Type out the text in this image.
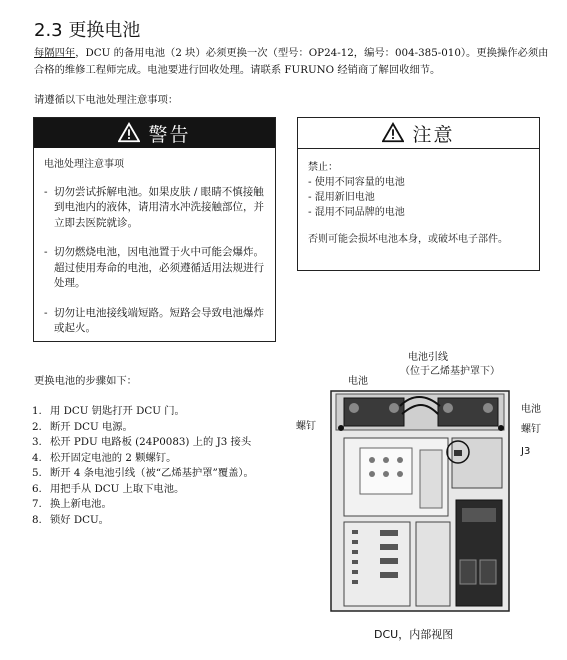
2.3 更换电池
每隔四年，DCU 的备用电池（2 块）必须更换一次（型号：OP24-12，编号：004-385-010）。更换操作必须由合格的维修工程师完成。电池要进行回收处理。请联系 FURUNO 经销商了解回收细节。
请遵循以下电池处理注意事项：
警告
电池处理注意事项
- 切勿尝试拆解电池。如果皮肤 / 眼睛不慎接触到电池内的液体，请用清水冲洗接触部位，并立即去医院就诊。
- 切勿燃烧电池，因电池置于火中可能会爆炸。超过使用寿命的电池，必须遵循适用法规进行处理。
- 切勿让电池接线端短路。短路会导致电池爆炸或起火。
注意
禁止：
- 使用不同容量的电池
- 混用新旧电池
- 混用不同品牌的电池
否则可能会损坏电池本身，或破坏电子部件。
更换电池的步骤如下：
1. 用 DCU 钥匙打开 DCU 门。
2. 断开 DCU 电源。
3. 松开 PDU 电路板 (24P0083) 上的 J3 接头
4. 松开固定电池的 2 颗螺钉。
5. 断开 4 条电池引线（被“乙烯基护罩”覆盖）。
6. 用把手从 DCU 上取下电池。
7. 换上新电池。
8. 锁好 DCU。
电池引线
（位于乙烯基护罩下）
电池
电池
螺钉	螺钉
J3
DCU，内部视图
